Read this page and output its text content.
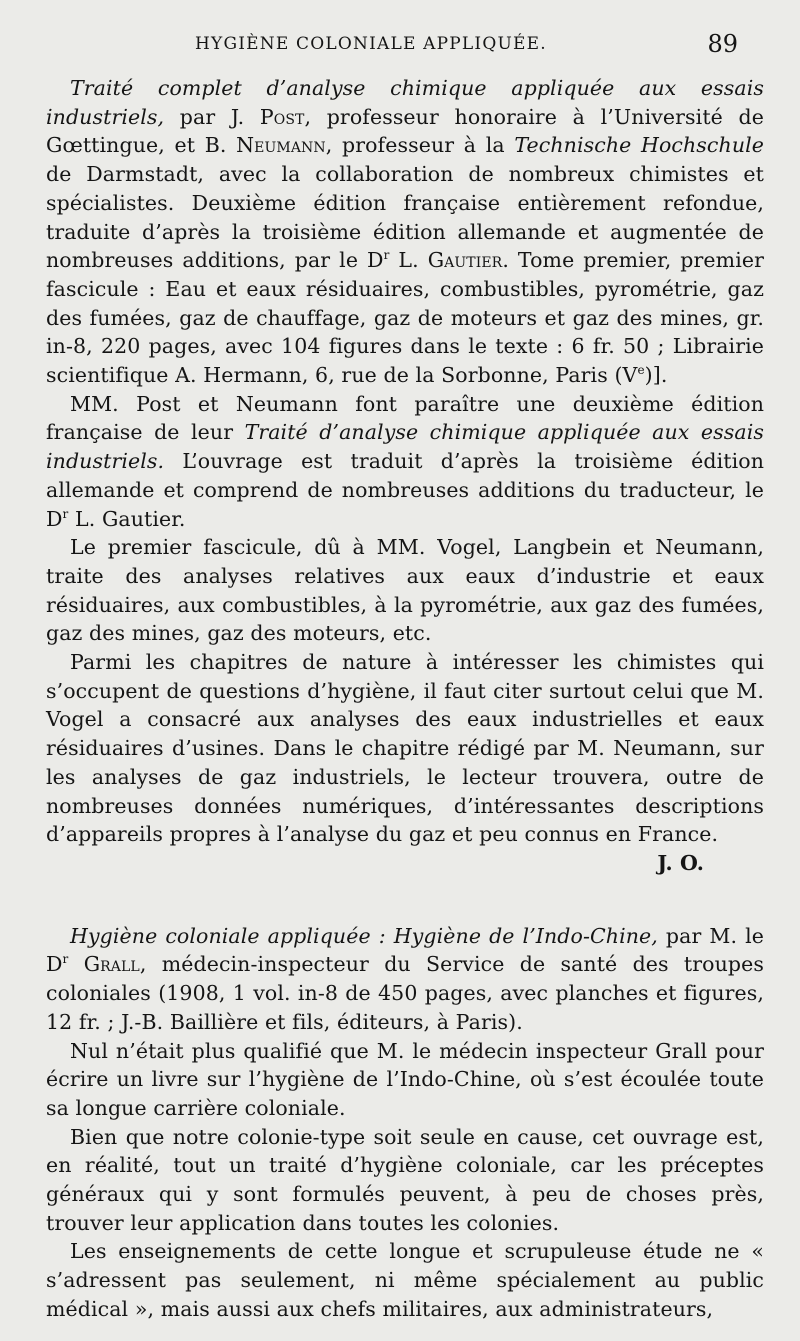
HYGIÈNE COLONIALE APPLIQUÉE.	89

Traité complet d’analyse chimique appliquée aux essais industriels, par J. Post, professeur honoraire à l’Université de Gœttingue, et B. Neumann, professeur à la Technische Hochschule de Darmstadt, avec la collaboration de nombreux chimistes et spécialistes. Deuxième édition française entièrement refondue, traduite d’après la troisième édition allemande et augmentée de nombreuses additions, par le $D^r$ L. Gautier. Tome premier, premier fascicule : Eau et eaux résiduaires, combustibles, pyrométrie, gaz des fumées, gaz de chauffage, gaz de moteurs et gaz des mines, gr. in-8, 220 pages, avec 104 figures dans le texte : 6 fr. 50 ; Librairie scientifique A. Hermann, 6, rue de la Sorbonne, Paris (Ve)].

MM. Post et Neumann font paraître une deuxième édition française de leur Traité d’analyse chimique appliquée aux essais industriels. L’ouvrage est traduit d’après la troisième édition allemande et comprend de nombreuses additions du traducteur, le $D^r$ L. Gautier.

Le premier fascicule, dû à MM. Vogel, Langbein et Neumann, traite des analyses relatives aux eaux d’industrie et eaux résiduaires, aux combustibles, à la pyrométrie, aux gaz des fumées, gaz des mines, gaz des moteurs, etc.

Parmi les chapitres de nature à intéresser les chimistes qui s’occupent de questions d’hygiène, il faut citer surtout celui que M. Vogel a consacré aux analyses des eaux industrielles et eaux résiduaires d’usines. Dans le chapitre rédigé par M. Neumann, sur les analyses de gaz industriels, le lecteur trouvera, outre de nombreuses données numériques, d’intéressantes descriptions d’appareils propres à l’analyse du gaz et peu connus en France.

J. O.

Hygiène coloniale appliquée : Hygiène de l’Indo-Chine, par M. le $D^r$ Grall, médecin-inspecteur du Service de santé des troupes coloniales (1908, 1 vol. in-8 de 450 pages, avec planches et figures, 12 fr. ; J.-B. Baillière et fils, éditeurs, à Paris).

Nul n’était plus qualifié que M. le médecin inspecteur Grall pour écrire un livre sur l’hygiène de l’Indo-Chine, où s’est écoulée toute sa longue carrière coloniale.

Bien que notre colonie-type soit seule en cause, cet ouvrage est, en réalité, tout un traité d’hygiène coloniale, car les préceptes généraux qui y sont formulés peuvent, à peu de choses près, trouver leur application dans toutes les colonies.

Les enseignements de cette longue et scrupuleuse étude ne « s’adressent pas seulement, ni même spécialement au public médical », mais aussi aux chefs militaires, aux administrateurs,
